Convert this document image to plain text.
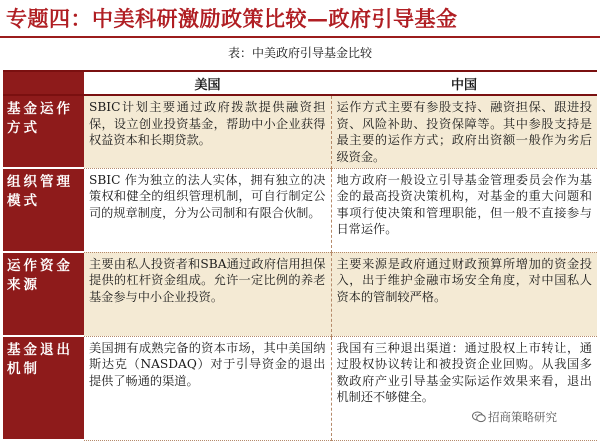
专题四：中美科研激励政策比较—政府引导基金
表：中美政府引导基金比较
	美国	中国
基金运作方式	SBIC计划主要通过政府拨款提供融资担保，设立创业投资基金，帮助中小企业获得权益资本和长期贷款。	运作方式主要有参股支持、融资担保、跟进投资、风险补助、投资保障等。其中参股支持是最主要的运作方式；政府出资额一般作为劣后级资金。
组织管理模式	SBIC 作为独立的法人实体，拥有独立的决策权和健全的组织管理机制，可自行制定公司的规章制度，分为公司制和有限合伙制。	地方政府一般设立引导基金管理委员会作为基金的最高投资决策机构，对基金的重大问题和事项行使决策和管理职能，但一般不直接参与日常运作。
运作资金来源	主要由私人投资者和SBA通过政府信用担保提供的杠杆资金组成。允许一定比例的养老基金参与中小企业投资。	主要来源是政府通过财政预算所增加的资金投入，出于维护金融市场安全角度，对中国私人资本的管制较严格。
基金退出机制	美国拥有成熟完备的资本市场，其中美国纳斯达克（NASDAQ）对于引导资金的退出提供了畅通的渠道。	我国有三种退出渠道：通过股权上市转让，通过股权协议转让和被投资企业回购。从我国多数政府产业引导基金实际运作效果来看，退出机制还不够健全。
招商策略研究
